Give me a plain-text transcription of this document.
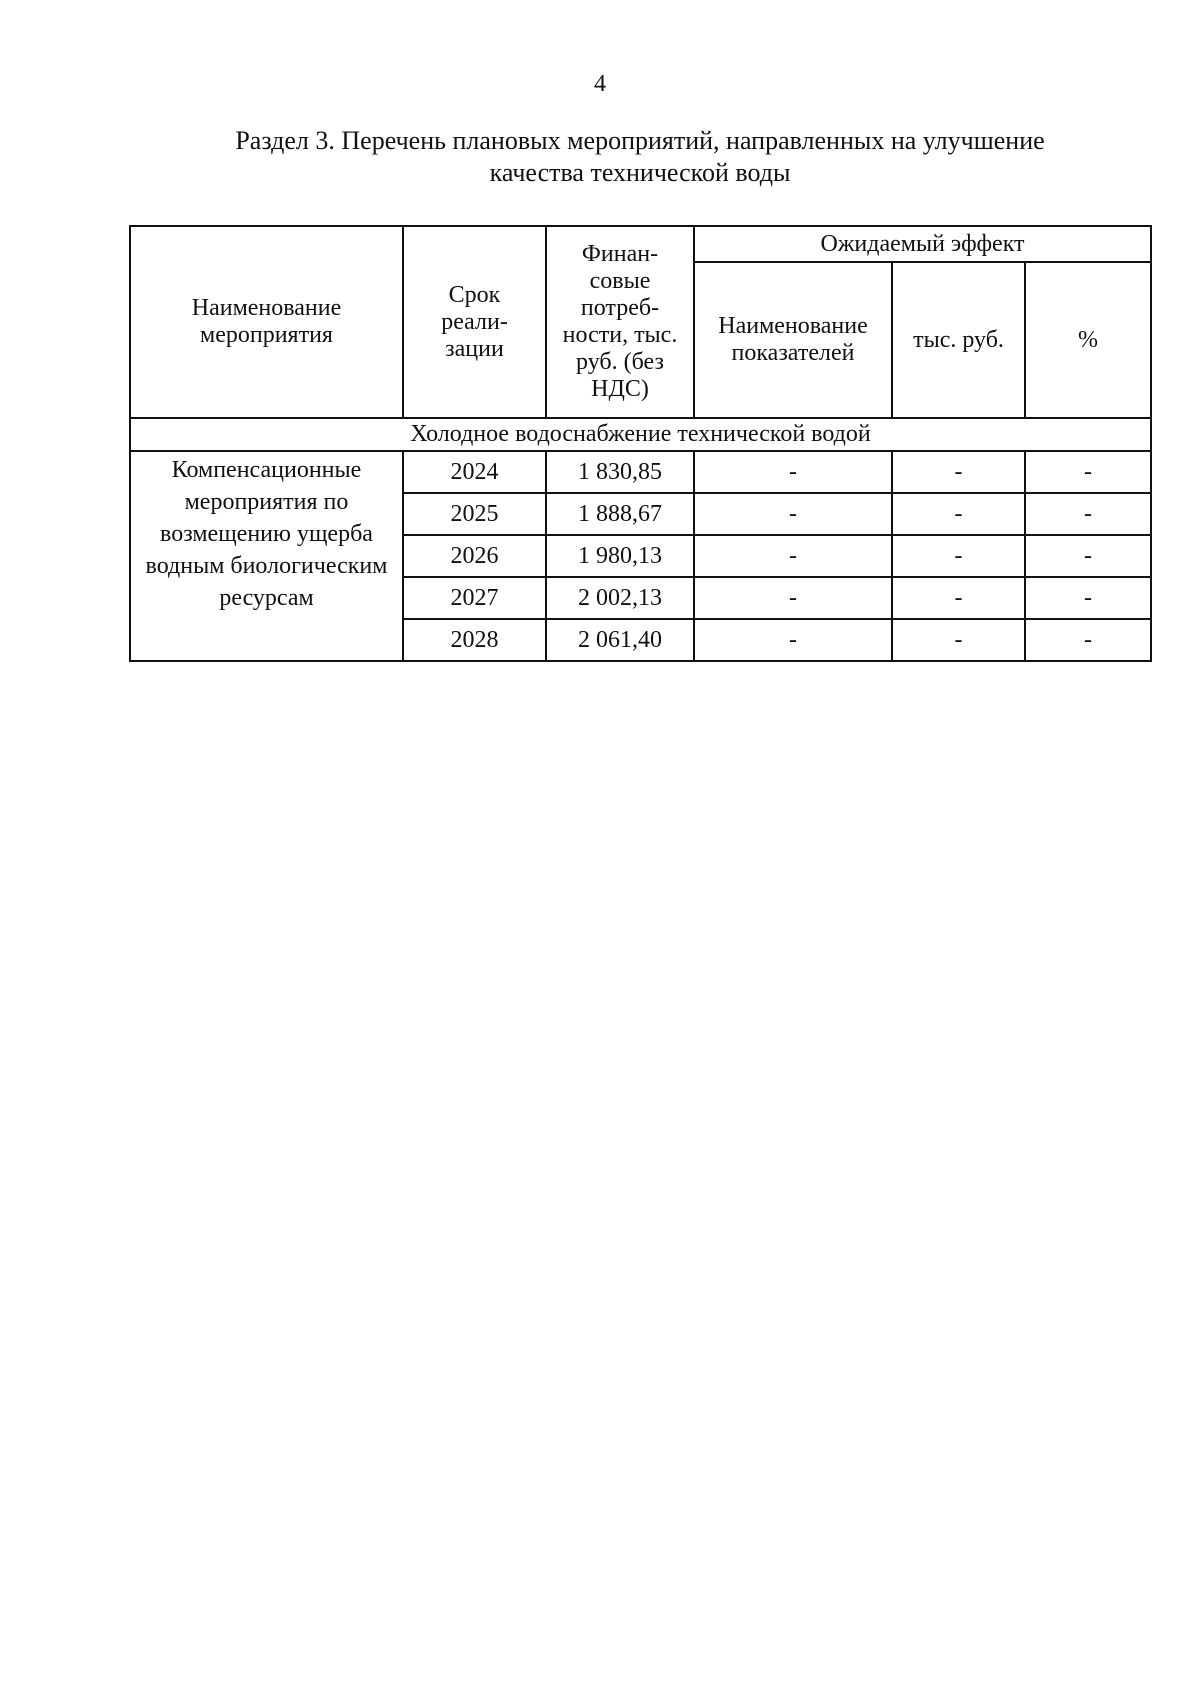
4
Раздел 3. Перечень плановых мероприятий, направленных на улучшение
качества технической воды
Наименование мероприятия	Срок реали-зации	Финан-совые потреб-ности, тыс. руб. (без НДС)	Ожидаемый эффект		
			Наименование показателей	тыс. руб.	%
Холодное водоснабжение технической водой					
Компенсационные мероприятия по возмещению ущерба водным биологическим ресурсам	2024	1 830,85	-	-	-
	2025	1 888,67	-	-	-
	2026	1 980,13	-	-	-
	2027	2 002,13	-	-	-
	2028	2 061,40	-	-	-
